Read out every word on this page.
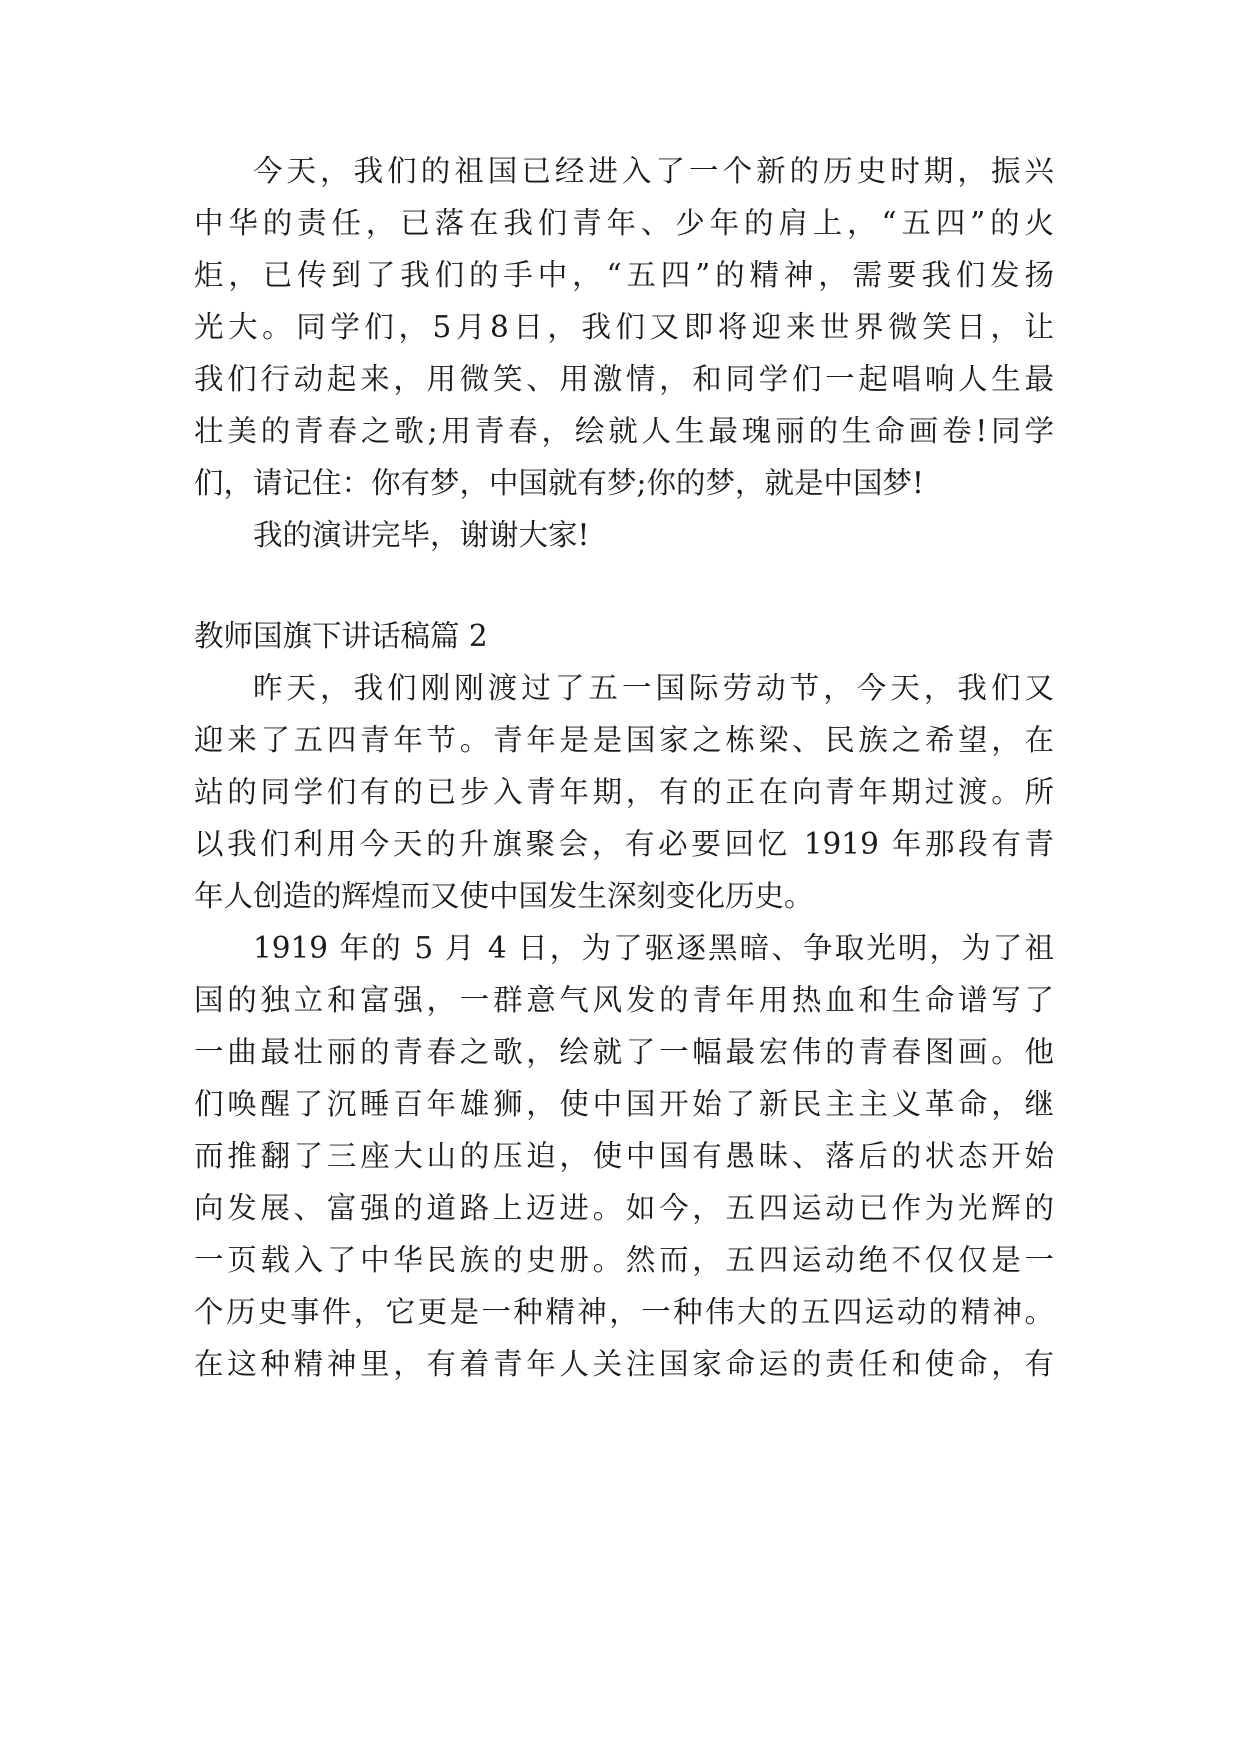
今天，我们的祖国已经进入了一个新的历史时期，振兴
中华的责任，已落在我们青年、少年的肩上，“五四”的火
炬，已传到了我们的手中，“五四”的精神，需要我们发扬
光大。同学们，5月8日，我们又即将迎来世界微笑日，让
我们行动起来，用微笑、用激情，和同学们一起唱响人生最
壮美的青春之歌;用青春，绘就人生最瑰丽的生命画卷!同学
们，请记住：你有梦，中国就有梦;你的梦，就是中国梦!
我的演讲完毕，谢谢大家!
教师国旗下讲话稿篇 2
昨天，我们刚刚渡过了五一国际劳动节，今天，我们又
迎来了五四青年节。青年是是国家之栋梁、民族之希望，在
站的同学们有的已步入青年期，有的正在向青年期过渡。所
以我们利用今天的升旗聚会，有必要回忆 1919 年那段有青
年人创造的辉煌而又使中国发生深刻变化历史。
1919 年的 5 月 4 日，为了驱逐黑暗、争取光明，为了祖
国的独立和富强，一群意气风发的青年用热血和生命谱写了
一曲最壮丽的青春之歌，绘就了一幅最宏伟的青春图画。他
们唤醒了沉睡百年雄狮，使中国开始了新民主主义革命，继
而推翻了三座大山的压迫，使中国有愚昧、落后的状态开始
向发展、富强的道路上迈进。如今，五四运动已作为光辉的
一页载入了中华民族的史册。然而，五四运动绝不仅仅是一
个历史事件，它更是一种精神，一种伟大的五四运动的精神。
在这种精神里，有着青年人关注国家命运的责任和使命，有
